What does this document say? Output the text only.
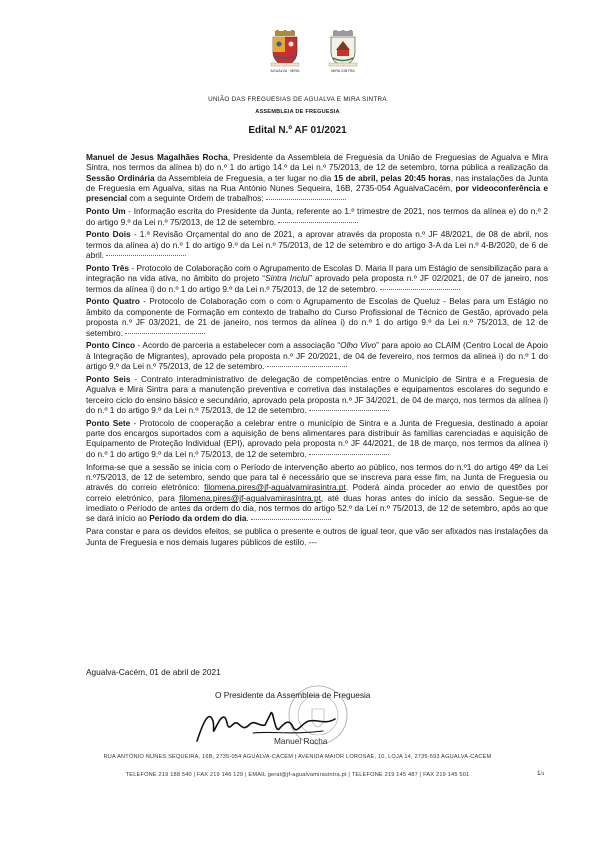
AGUALVA · MIRA	MIRA SINTRA
UNIÃO DAS FREGUESIAS DE AGUALVA E MIRA SINTRA
ASSEMBLEIA DE FREGUESIA
Edital N.º AF 01/2021

Manuel de Jesus Magalhães Rocha, Presidente da Assembleia de Freguesia da União de Freguesias de Agualva e Mira Sintra, nos termos da alínea b) do n.º 1 do artigo 14.º da Lei n.º 75/2013, de 12 de setembro, torna pública a realização da Sessão Ordinária da Assembleia de Freguesia, a ter lugar no dia 15 de abril, pelas 20:45 horas, nas instalações da Junta de Freguesia em Agualva, sitas na Rua António Nunes Sequeira, 16B, 2735-054 AgualvaCacém, por videoconferência e presencial com a seguinte Ordem de trabalhos:

Ponto Um - Informação escrita do Presidente da Junta, referente ao 1.º trimestre de 2021, nos termos da alínea e) do n.º 2 do artigo 9.º da Lei n.º 75/2013, de 12 de setembro.

Ponto Dois - 1.ª Revisão Orçamental do ano de 2021, a aprovar através da proposta n.º JF 48/2021, de 08 de abril, nos termos da alínea a) do n.º 1 do artigo 9.º da Lei n.º 75/2013, de 12 de setembro e do artigo 3-A da Lei n.º 4-B/2020, de 6 de abril.

Ponto Três - Protocolo de Colaboração com o Agrupamento de Escolas D. Maria II para um Estágio de sensibilização para a integração na vida ativa, no âmbito do projeto “Sintra Inclui” aprovado pela proposta n.º JF 02/2021, de 07 de janeiro, nos termos da alínea i) do n.º 1 do artigo 9.º da Lei n.º 75/2013, de 12 de setembro.

Ponto Quatro - Protocolo de Colaboração com o com o Agrupamento de Escolas de Queluz - Belas para um Estágio no âmbito da componente de Formação em contexto de trabalho do Curso Profissional de Técnico de Gestão, aprovado pela proposta n.º JF 03/2021, de 21 de janeiro, nos termos da alínea i) do n.º 1 do artigo 9.º da Lei n.º 75/2013, de 12 de setembro.

Ponto Cinco - Acordo de parceria a estabelecer com a associação “Olho Vivo” para apoio ao CLAIM (Centro Local de Apoio à Integração de Migrantes), aprovado pela proposta n.º JF 20/2021, de 04 de fevereiro, nos termos da alínea i) do n.º 1 do artigo 9.º da Lei n.º 75/2013, de 12 de setembro.

Ponto Seis - Contrato interadministrativo de delegação de competências entre o Município de Sintra e a Freguesia de Agualva e Mira Sintra para a manutenção preventiva e corretiva das instalações e equipamentos escolares do segundo e terceiro ciclo do ensino básico e secundário, aprovado pela proposta n.º JF 34/2021, de 04 de março, nos termos da alínea i) do n.º 1 do artigo 9.º da Lei n.º 75/2013, de 12 de setembro.

Ponto Sete - Protocolo de cooperação a celebrar entre o município de Sintra e a Junta de Freguesia, destinado a apoiar parte dos encargos suportados com a aquisição de bens alimentares para distribuir às famílias carenciadas e aquisição de Equipamento de Proteção Individual (EPI), aprovado pela proposta n.º JF 44/2021, de 18 de março, nos termos da alínea i) do n.º 1 do artigo 9.º da Lei n.º 75/2013, de 12 de setembro.

Informa-se que a sessão se inicia com o Período de intervenção aberto ao público, nos termos do n.º1 do artigo 49º da Lei n.º75/2013, de 12 de setembro, sendo que para tal é necessário que se inscreva para esse fim, na Junta de Freguesia ou através do correio eletrónico: filomena.pires@jf-agualvamirasintra.pt. Poderá ainda proceder ao envio de questões por correio eletrónico, para filomena.pires@jf-agualvamirasintra.pt, até duas horas antes do início da sessão. Segue-se de imediato o Período de antes da ordem do dia, nos termos do artigo 52.º da Lei n.º 75/2013, de 12 de setembro, após ao que se dará início ao Período da ordem do dia.

Para constar e para os devidos efeitos, se publica o presente e outros de igual teor, que vão ser afixados nas instalações da Junta de Freguesia e nos demais lugares públicos de estilo. ---

Agualva-Cacém, 01 de abril de 2021
O Presidente da Assembleia de Freguesia
Manuel Rocha
RUA ANTÓNIO NUNES SEQUEIRA, 16B, 2735-054 AGUALVA-CACÉM | AVENIDA MAIOR LOROSAE, 10, LOJA 14, 2735-593 AGUALVA-CACÉM
TELEFONE 219 188 540 | FAX 219 146 129 | EMAIL geral@jf-agualvamirasintra.pt | TELEFONE 219 145 487 | FAX 219 145 501	1/1
